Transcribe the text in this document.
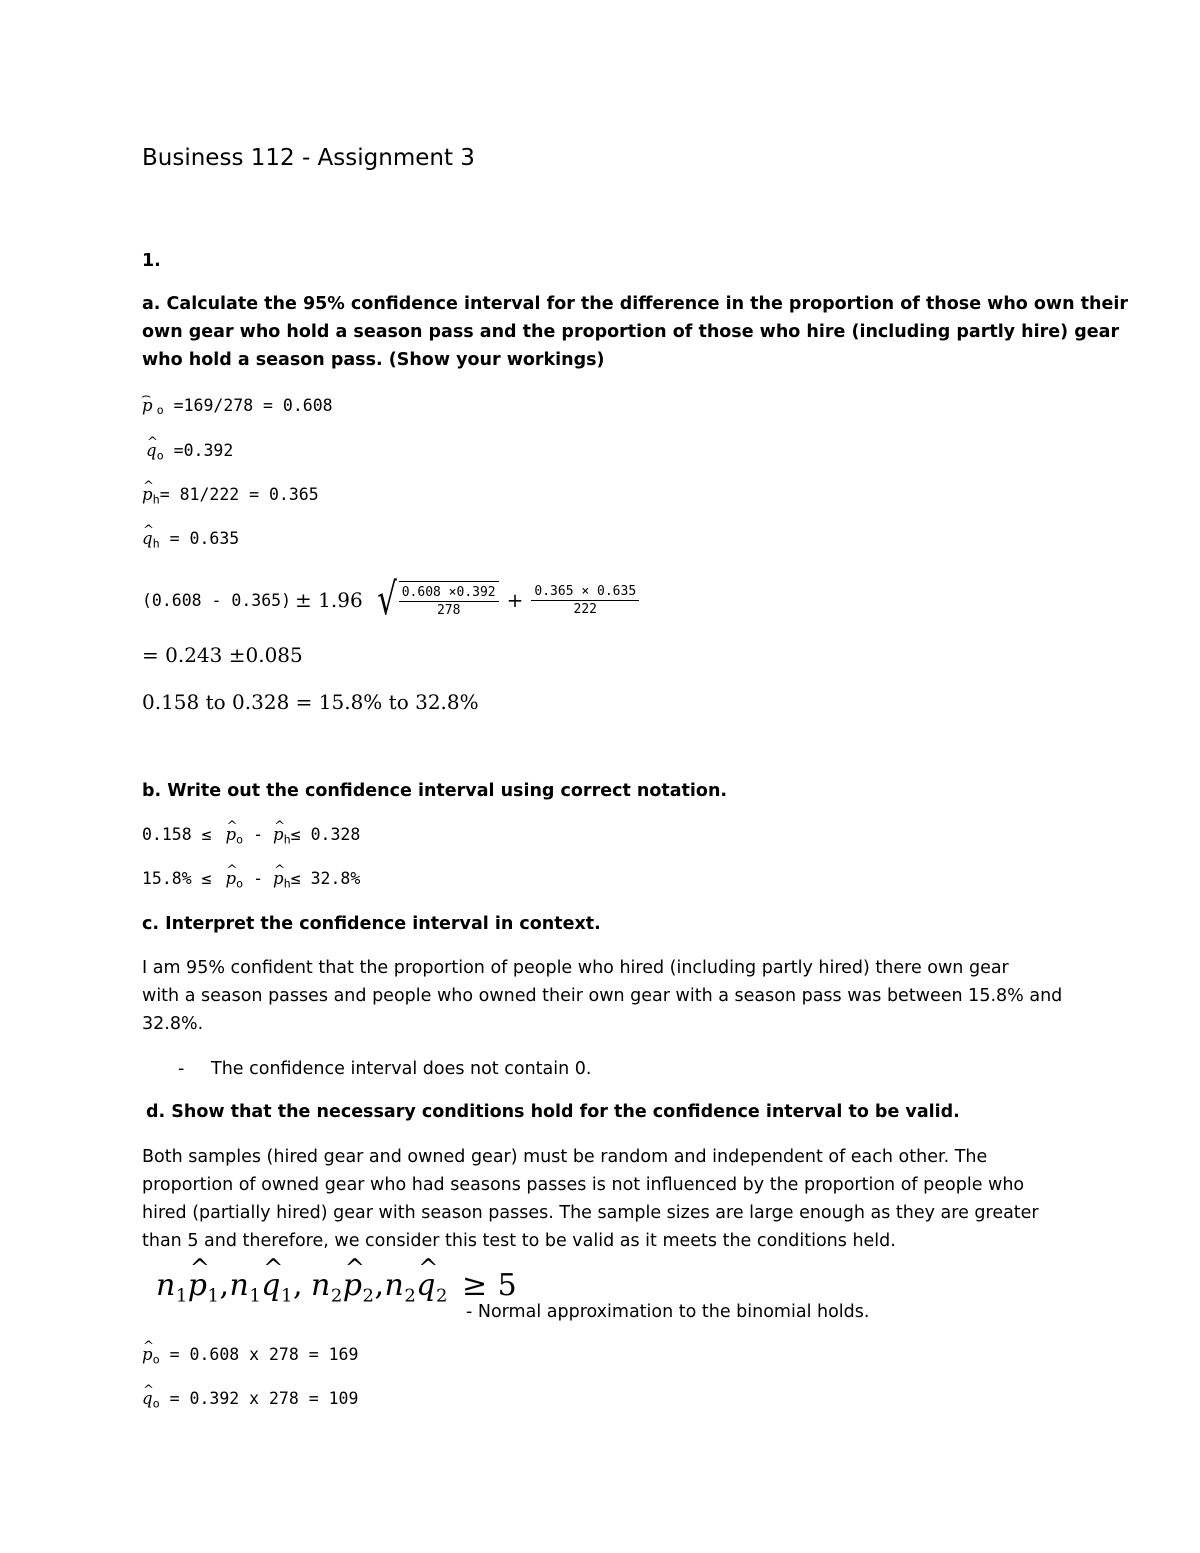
Business 112 - Assignment 3
1.
a. Calculate the 95% confidence interval for the difference in the proportion of those who own their
own gear who hold a season pass and the proportion of those who hire (including partly hire) gear
who hold a season pass. (Show your workings)
⌢ p $_o$ =169/278 = 0.608
^ $q_o =0.392$
^ $p_h= 81/222 = 0.365$
^ $q_h = 0.635$
(0.608 - 0.365) ± 1.96 √ $\frac{0.608 \times 0.392}{278} + \frac{0.365 \times 0.635}{222}$
= 0.243 ±0.085
0.158 to 0.328 = 15.8% to 32.8%
b. Write out the confidence interval using correct notation.
0.158 ≤ ^ $p_o$ - ^ $p_h\le 0.328$
15.8% ≤ ^ $p_o$ - ^ $p_h\le 32.8\%$
c. Interpret the confidence interval in context.
I am 95% confident that the proportion of people who hired (including partly hired) there own gear
with a season passes and people who owned their own gear with a season pass was between 15.8% and
32.8%.
- The confidence interval does not contain 0.
d. Show that the necessary conditions hold for the confidence interval to be valid.
Both samples (hired gear and owned gear) must be random and independent of each other. The
proportion of owned gear who had seasons passes is not influenced by the proportion of people who
hired (partially hired) gear with season passes. The sample sizes are large enough as they are greater
than 5 and therefore, we consider this test to be valid as it meets the conditions held.
$n_1\^{}$ $p_1,n_1\^{}$ $q_1$, $n_2\^{}$ $p_2,n_2\^{}$ $q_2 \ge 5$
- Normal approximation to the binomial holds.
^ $p_o = 0.608$ x 278 = 169
^ $q_o = 0.392$ x 278 = 109
